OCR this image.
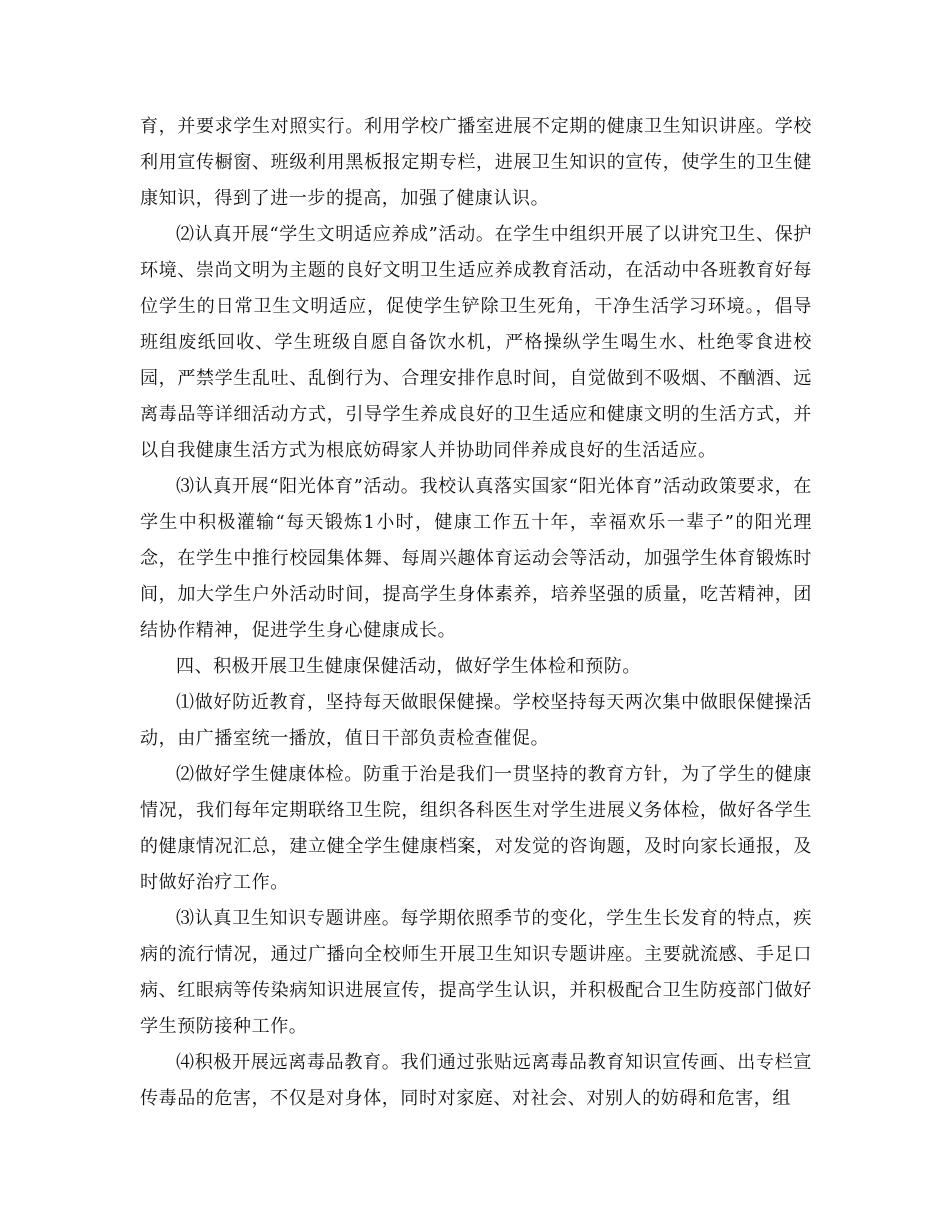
育，并要求学生对照实行。利用学校广播室进展不定期的健康卫生知识讲座。学校利用宣传橱窗、班级利用黑板报定期专栏，进展卫生知识的宣传，使学生的卫生健康知识，得到了进一步的提高，加强了健康认识。

⑵认真开展“学生文明适应养成”活动。在学生中组织开展了以讲究卫生、保护环境、崇尚文明为主题的良好文明卫生适应养成教育活动，在活动中各班教育好每位学生的日常卫生文明适应，促使学生铲除卫生死角，干净生活学习环境。，倡导班组废纸回收、学生班级自愿自备饮水机，严格操纵学生喝生水、杜绝零食进校园，严禁学生乱吐、乱倒行为、合理安排作息时间，自觉做到不吸烟、不酗酒、远离毒品等详细活动方式，引导学生养成良好的卫生适应和健康文明的生活方式，并以自我健康生活方式为根底妨碍家人并协助同伴养成良好的生活适应。

⑶认真开展“阳光体育”活动。我校认真落实国家“阳光体育”活动政策要求，在学生中积极灌输“每天锻炼1小时，健康工作五十年，幸福欢乐一辈子”的阳光理念，在学生中推行校园集体舞、每周兴趣体育运动会等活动，加强学生体育锻炼时间，加大学生户外活动时间，提高学生身体素养，培养坚强的质量，吃苦精神，团结协作精神，促进学生身心健康成长。

四、积极开展卫生健康保健活动，做好学生体检和预防。

⑴做好防近教育，坚持每天做眼保健操。学校坚持每天两次集中做眼保健操活动，由广播室统一播放，值日干部负责检查催促。

⑵做好学生健康体检。防重于治是我们一贯坚持的教育方针，为了学生的健康情况，我们每年定期联络卫生院，组织各科医生对学生进展义务体检，做好各学生的健康情况汇总，建立健全学生健康档案，对发觉的咨询题，及时向家长通报，及时做好治疗工作。

⑶认真卫生知识专题讲座。每学期依照季节的变化，学生生长发育的特点，疾病的流行情况，通过广播向全校师生开展卫生知识专题讲座。主要就流感、手足口病、红眼病等传染病知识进展宣传，提高学生认识，并积极配合卫生防疫部门做好学生预防接种工作。

⑷积极开展远离毒品教育。我们通过张贴远离毒品教育知识宣传画、出专栏宣传毒品的危害，不仅是对身体，同时对家庭、对社会、对别人的妨碍和危害，组
